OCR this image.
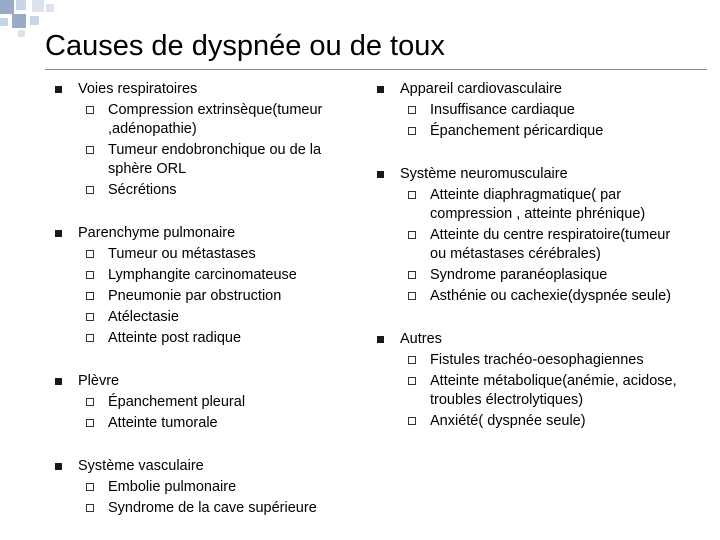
Causes de dyspnée ou de toux
Voies respiratoires
Compression extrinsèque(tumeur ,adénopathie)
Tumeur endobronchique ou de la sphère ORL
Sécrétions
Parenchyme pulmonaire
Tumeur ou métastases
Lymphangite carcinomateuse
Pneumonie par obstruction
Atélectasie
Atteinte post radique
Plèvre
Épanchement pleural
Atteinte tumorale
Système vasculaire
Embolie pulmonaire
Syndrome de la cave supérieure
Appareil cardiovasculaire
Insuffisance cardiaque
Épanchement péricardique
Système neuromusculaire
Atteinte diaphragmatique( par compression , atteinte phrénique)
Atteinte du centre respiratoire(tumeur ou métastases cérébrales)
Syndrome paranéoplasique
Asthénie ou cachexie(dyspnée seule)
Autres
Fistules trachéo-oesophagiennes
Atteinte métabolique(anémie, acidose, troubles électrolytiques)
Anxiété( dyspnée seule)
